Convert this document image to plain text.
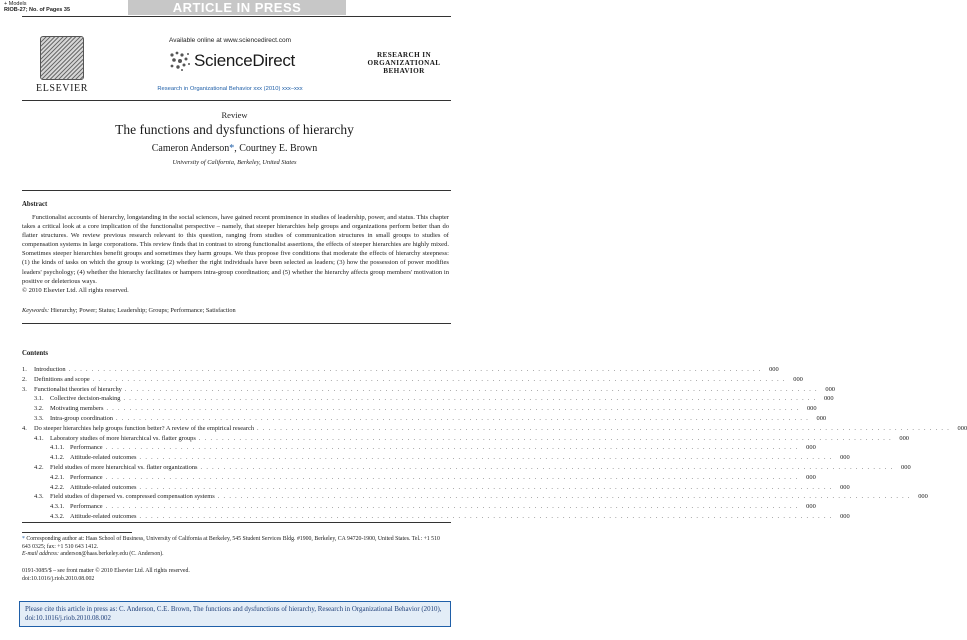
+ Models
RIOB-27; No. of Pages 35	ARTICLE IN PRESS
ELSEVIER
Available online at www.sciencedirect.com
ScienceDirect
Research in Organizational Behavior xxx (2010) xxx–xxx
RESEARCH IN
ORGANIZATIONAL
BEHAVIOR
Review
The functions and dysfunctions of hierarchy
Cameron Anderson*, Courtney E. Brown
University of California, Berkeley, United States
Abstract
Functionalist accounts of hierarchy, longstanding in the social sciences, have gained recent prominence in studies of leadership, power, and status. This chapter takes a critical look at a core implication of the functionalist perspective – namely, that steeper hierarchies help groups and organizations perform better than do flatter structures. We review previous research relevant to this question, ranging from studies of communication structures in small groups to studies of compensation systems in large corporations. This review finds that in contrast to strong functionalist assertions, the effects of steeper hierarchies are highly mixed. Sometimes steeper hierarchies benefit groups and sometimes they harm groups. We thus propose five conditions that moderate the effects of hierarchy steepness: (1) the kinds of tasks on which the group is working; (2) whether the right individuals have been selected as leaders; (3) how the possession of power modifies leaders' psychology; (4) whether the hierarchy facilitates or hampers intra-group coordination; and (5) whether the hierarchy affects group members' motivation in positive or deleterious ways.
© 2010 Elsevier Ltd. All rights reserved.
Keywords: Hierarchy; Power; Status; Leadership; Groups; Performance; Satisfaction
Contents
1.	Introduction . . . . . . . . . . . . . . . . . . . . . . . . . . . . . . . . . . . . . . . . . . . . . . . . . . . . . . . . . . . . . . . . . . . . . . . . . . . . . . . . . . . . . . . . . . . . . . . . . . . . . . . . . . . . . . . . . . . . . . . .	000
2.	Definitions and scope . . . . . . . . . . . . . . . . . . . . . . . . . . . . . . . . . . . . . . . . . . . . . . . . . . . . . . . . . . . . . . . . . . . . . . . . . . . . . . . . . . . . . . . . . . . . . . . . . . . . . . . . . . . . . . . . . . . . . . . .	000
3.	Functionalist theories of hierarchy . . . . . . . . . . . . . . . . . . . . . . . . . . . . . . . . . . . . . . . . . . . . . . . . . . . . . . . . . . . . . . . . . . . . . . . . . . . . . . . . . . . . . . . . . . . . . . . . . . . . . . . . . . . . . . . . . . . . . . . .	000
3.1.	Collective decision-making . . . . . . . . . . . . . . . . . . . . . . . . . . . . . . . . . . . . . . . . . . . . . . . . . . . . . . . . . . . . . . . . . . . . . . . . . . . . . . . . . . . . . . . . . . . . . . . . . . . . . . . . . . . . . . . . . . . . . . . .	000
3.2.	Motivating members . . . . . . . . . . . . . . . . . . . . . . . . . . . . . . . . . . . . . . . . . . . . . . . . . . . . . . . . . . . . . . . . . . . . . . . . . . . . . . . . . . . . . . . . . . . . . . . . . . . . . . . . . . . . . . . . . . . . . . . .	000
3.3.	Intra-group coordination . . . . . . . . . . . . . . . . . . . . . . . . . . . . . . . . . . . . . . . . . . . . . . . . . . . . . . . . . . . . . . . . . . . . . . . . . . . . . . . . . . . . . . . . . . . . . . . . . . . . . . . . . . . . . . . . . . . . . . . .	000
4.	Do steeper hierarchies help groups function better? A review of the empirical research . . . . . . . . . . . . . . . . . . . . . . . . . . . . . . . . . . . . . . . . . . . . . . . . . . . . . . . . . . . . . . . . . . . . . . . . . . . . . . . . . . . . . . . . . . . . . . . . . . . . . . . . . . . . . . . . . . . . . . . .	000
4.1.	Laboratory studies of more hierarchical vs. flatter groups . . . . . . . . . . . . . . . . . . . . . . . . . . . . . . . . . . . . . . . . . . . . . . . . . . . . . . . . . . . . . . . . . . . . . . . . . . . . . . . . . . . . . . . . . . . . . . . . . . . . . . . . . . . . . . . . . . . . . . . .	000
4.1.1. Performance . . . . . . . . . . . . . . . . . . . . . . . . . . . . . . . . . . . . . . . . . . . . . . . . . . . . . . . . . . . . . . . . . . . . . . . . . . . . . . . . . . . . . . . . . . . . . . . . . . . . . . . . . . . . . . . . . . . . . . . .	000
4.1.2. Attitude-related outcomes . . . . . . . . . . . . . . . . . . . . . . . . . . . . . . . . . . . . . . . . . . . . . . . . . . . . . . . . . . . . . . . . . . . . . . . . . . . . . . . . . . . . . . . . . . . . . . . . . . . . . . . . . . . . . . . . . . . . . . . .	000
4.2.	Field studies of more hierarchical vs. flatter organizations . . . . . . . . . . . . . . . . . . . . . . . . . . . . . . . . . . . . . . . . . . . . . . . . . . . . . . . . . . . . . . . . . . . . . . . . . . . . . . . . . . . . . . . . . . . . . . . . . . . . . . . . . . . . . . . . . . . . . . . .	000
4.2.1. Performance . . . . . . . . . . . . . . . . . . . . . . . . . . . . . . . . . . . . . . . . . . . . . . . . . . . . . . . . . . . . . . . . . . . . . . . . . . . . . . . . . . . . . . . . . . . . . . . . . . . . . . . . . . . . . . . . . . . . . . . .	000
4.2.2. Attitude-related outcomes . . . . . . . . . . . . . . . . . . . . . . . . . . . . . . . . . . . . . . . . . . . . . . . . . . . . . . . . . . . . . . . . . . . . . . . . . . . . . . . . . . . . . . . . . . . . . . . . . . . . . . . . . . . . . . . . . . . . . . . .	000
4.3.	Field studies of dispersed vs. compressed compensation systems . . . . . . . . . . . . . . . . . . . . . . . . . . . . . . . . . . . . . . . . . . . . . . . . . . . . . . . . . . . . . . . . . . . . . . . . . . . . . . . . . . . . . . . . . . . . . . . . . . . . . . . . . . . . . . . . . . . . . . . .	000
4.3.1. Performance . . . . . . . . . . . . . . . . . . . . . . . . . . . . . . . . . . . . . . . . . . . . . . . . . . . . . . . . . . . . . . . . . . . . . . . . . . . . . . . . . . . . . . . . . . . . . . . . . . . . . . . . . . . . . . . . . . . . . . . .	000
4.3.2. Attitude-related outcomes . . . . . . . . . . . . . . . . . . . . . . . . . . . . . . . . . . . . . . . . . . . . . . . . . . . . . . . . . . . . . . . . . . . . . . . . . . . . . . . . . . . . . . . . . . . . . . . . . . . . . . . . . . . . . . . . . . . . . . . .	000
* Corresponding author at: Haas School of Business, University of California at Berkeley, 545 Student Services Bldg. #1900, Berkeley, CA 94720-1900, United States. Tel.: +1 510 643 0325; fax: +1 510 643 1412.
E-mail address: anderson@haas.berkeley.edu (C. Anderson).
0191-3085/$ – see front matter © 2010 Elsevier Ltd. All rights reserved.
doi:10.1016/j.riob.2010.08.002
Please cite this article in press as: C. Anderson, C.E. Brown, The functions and dysfunctions of hierarchy, Research in Organizational Behavior (2010), doi:10.1016/j.riob.2010.08.002
